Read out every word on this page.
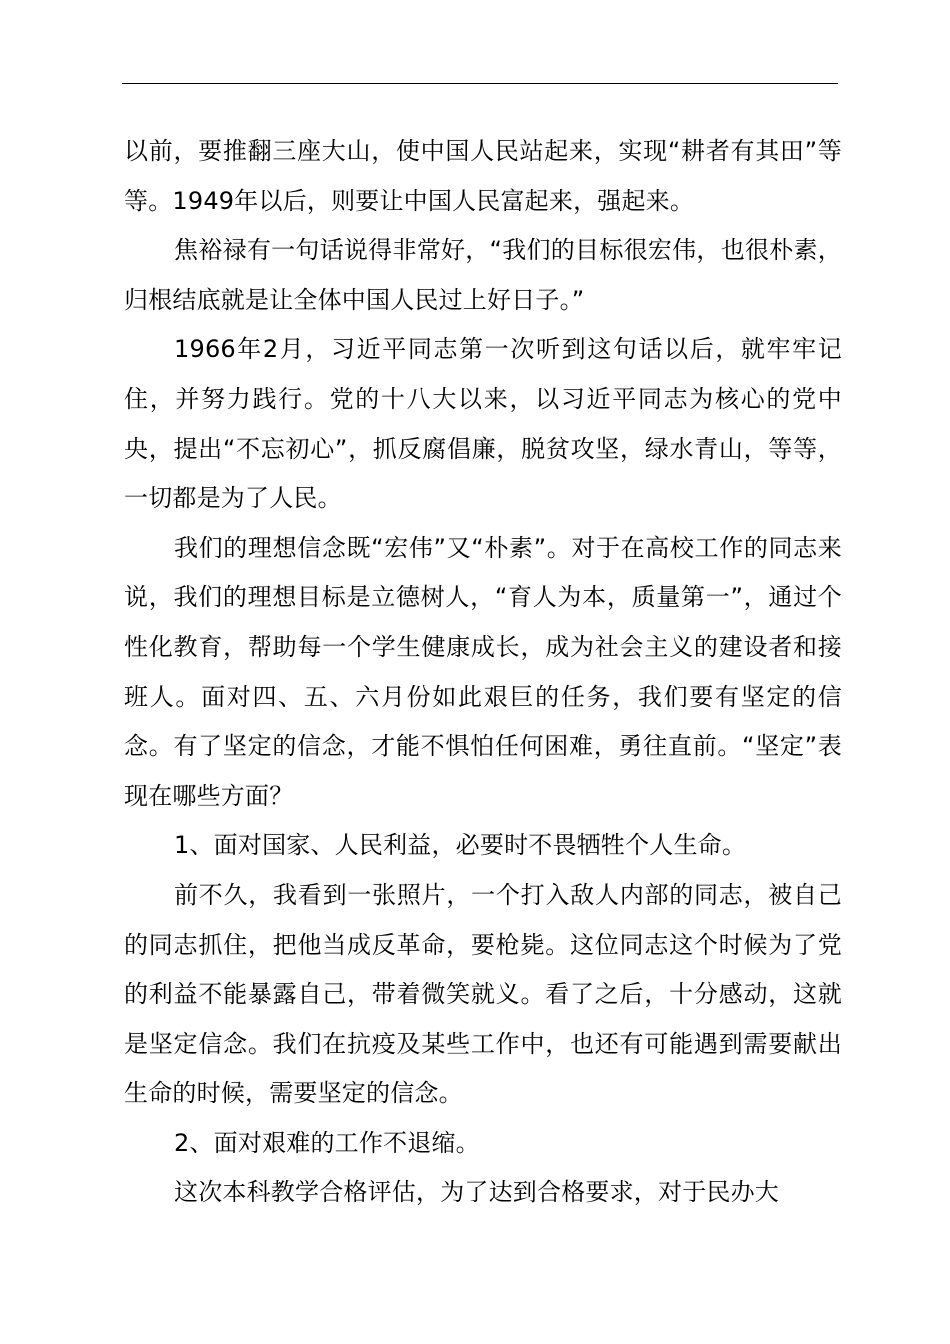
以前，要推翻三座大山，使中国人民站起来，实现“耕者有其田”等等。1949年以后，则要让中国人民富起来，强起来。

焦裕禄有一句话说得非常好，“我们的目标很宏伟，也很朴素，归根结底就是让全体中国人民过上好日子。”

1966年2月，习近平同志第一次听到这句话以后，就牢牢记住，并努力践行。党的十八大以来，以习近平同志为核心的党中央，提出“不忘初心”，抓反腐倡廉，脱贫攻坚，绿水青山，等等，一切都是为了人民。

我们的理想信念既“宏伟”又“朴素”。对于在高校工作的同志来说，我们的理想目标是立德树人，“育人为本，质量第一”，通过个性化教育，帮助每一个学生健康成长，成为社会主义的建设者和接班人。面对四、五、六月份如此艰巨的任务，我们要有坚定的信念。有了坚定的信念，才能不惧怕任何困难，勇往直前。“坚定”表现在哪些方面？

1、面对国家、人民利益，必要时不畏牺牲个人生命。

前不久，我看到一张照片，一个打入敌人内部的同志，被自己的同志抓住，把他当成反革命，要枪毙。这位同志这个时候为了党的利益不能暴露自己，带着微笑就义。看了之后，十分感动，这就是坚定信念。我们在抗疫及某些工作中，也还有可能遇到需要献出生命的时候，需要坚定的信念。

2、面对艰难的工作不退缩。

这次本科教学合格评估，为了达到合格要求，对于民办大
